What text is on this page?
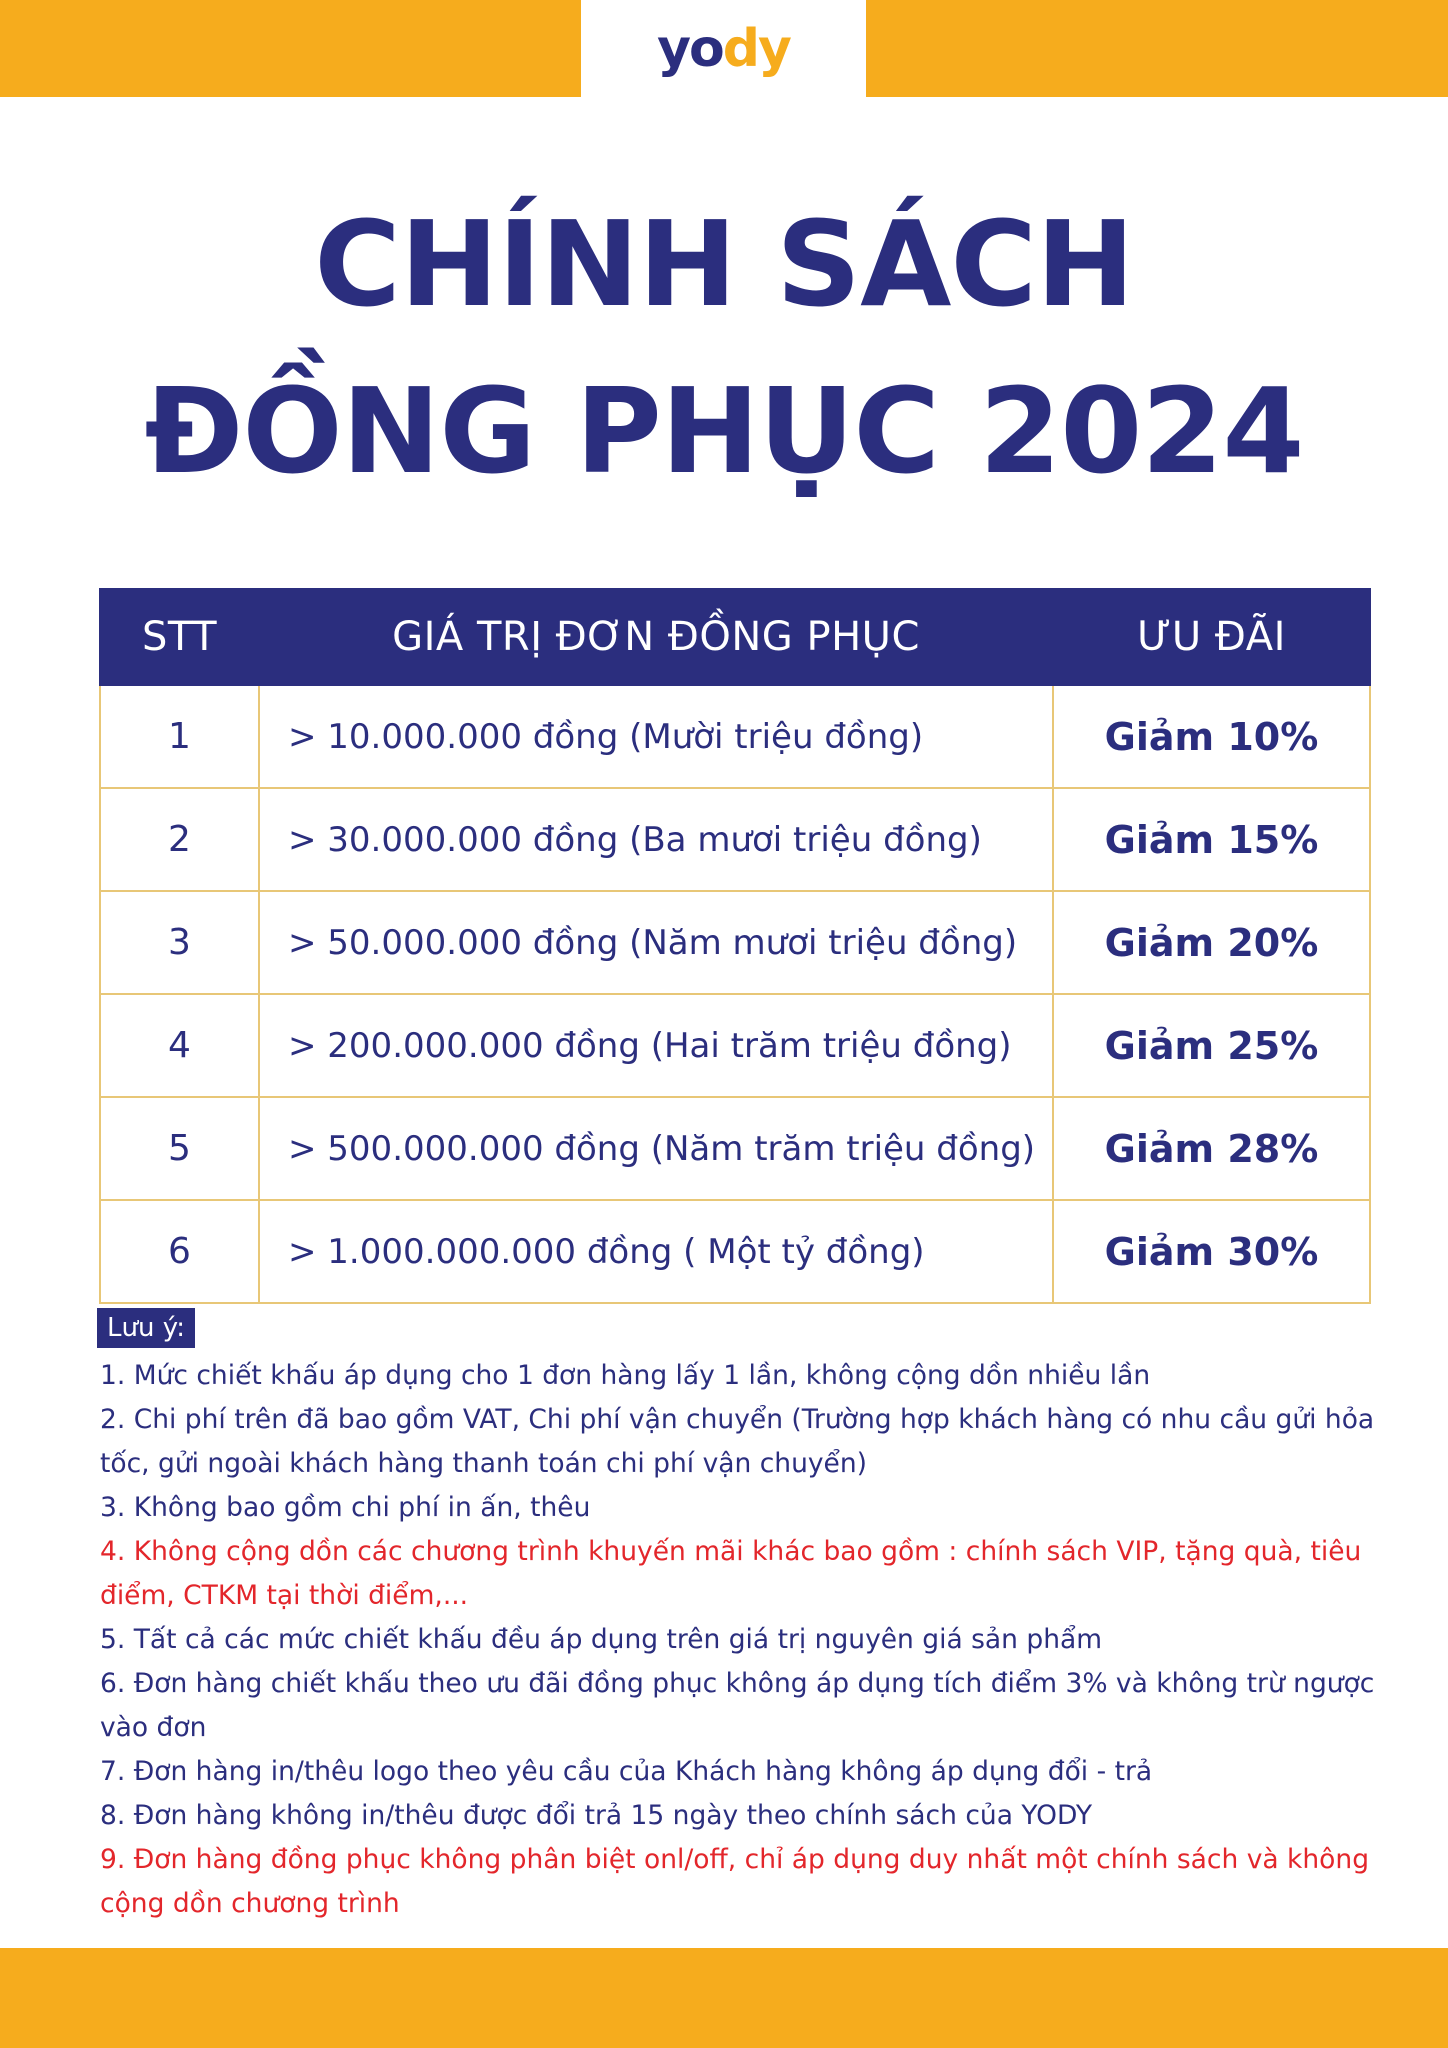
yo dy
CHÍNH SÁCH
ĐỒNG PHỤC 2024
STT	GIÁ TRỊ ĐƠN ĐỒNG PHỤC	ƯU ĐÃI
1	> 10.000.000 đồng (Mười triệu đồng)	Giảm 10%
2	> 30.000.000 đồng (Ba mươi triệu đồng)	Giảm 15%
3	> 50.000.000 đồng (Năm mươi triệu đồng)	Giảm 20%
4	> 200.000.000 đồng (Hai trăm triệu đồng)	Giảm 25%
5	> 500.000.000 đồng (Năm trăm triệu đồng)	Giảm 28%
6	> 1.000.000.000 đồng ( Một tỷ đồng)	Giảm 30%
Lưu ý:

1. Mức chiết khấu áp dụng cho 1 đơn hàng lấy 1 lần, không cộng dồn nhiều lần

2. Chi phí trên đã bao gồm VAT, Chi phí vận chuyển (Trường hợp khách hàng có nhu cầu gửi hỏa tốc, gửi ngoài khách hàng thanh toán chi phí vận chuyển)

3. Không bao gồm chi phí in ấn, thêu

4. Không cộng dồn các chương trình khuyến mãi khác bao gồm : chính sách VIP, tặng quà, tiêu điểm, CTKM tại thời điểm,...

5. Tất cả các mức chiết khấu đều áp dụng trên giá trị nguyên giá sản phẩm

6. Đơn hàng chiết khấu theo ưu đãi đồng phục không áp dụng tích điểm 3% và không trừ ngược vào đơn

7. Đơn hàng in/thêu logo theo yêu cầu của Khách hàng không áp dụng đổi - trả

8. Đơn hàng không in/thêu được đổi trả 15 ngày theo chính sách của YODY

9. Đơn hàng đồng phục không phân biệt onl/off, chỉ áp dụng duy nhất một chính sách và không cộng dồn chương trình
